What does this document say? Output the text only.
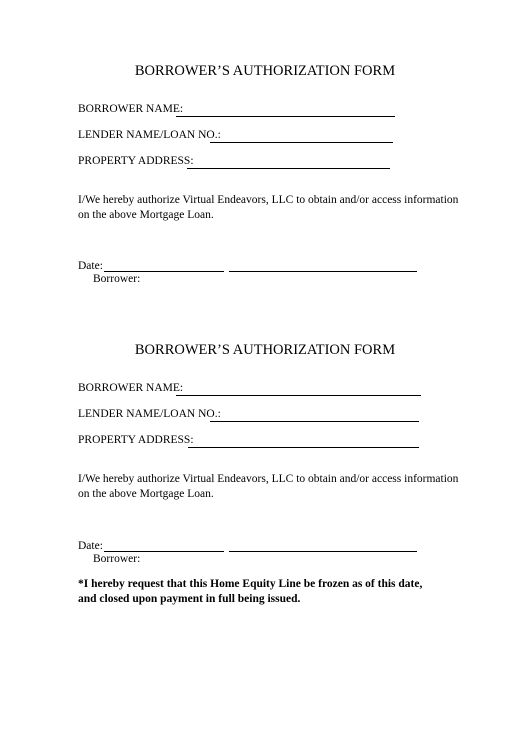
BORROWER’S AUTHORIZATION FORM
BORROWER NAME:
LENDER NAME/LOAN NO.:
PROPERTY ADDRESS:
I/We hereby authorize Virtual Endeavors, LLC to obtain and/or access information on the above Mortgage Loan.
Date:
Borrower:
BORROWER’S AUTHORIZATION FORM
BORROWER NAME:
LENDER NAME/LOAN NO.:
PROPERTY ADDRESS:
I/We hereby authorize Virtual Endeavors, LLC to obtain and/or access information on the above Mortgage Loan.
Date:
Borrower:
*I hereby request that this Home Equity Line be frozen as of this date, and closed upon payment in full being issued.
